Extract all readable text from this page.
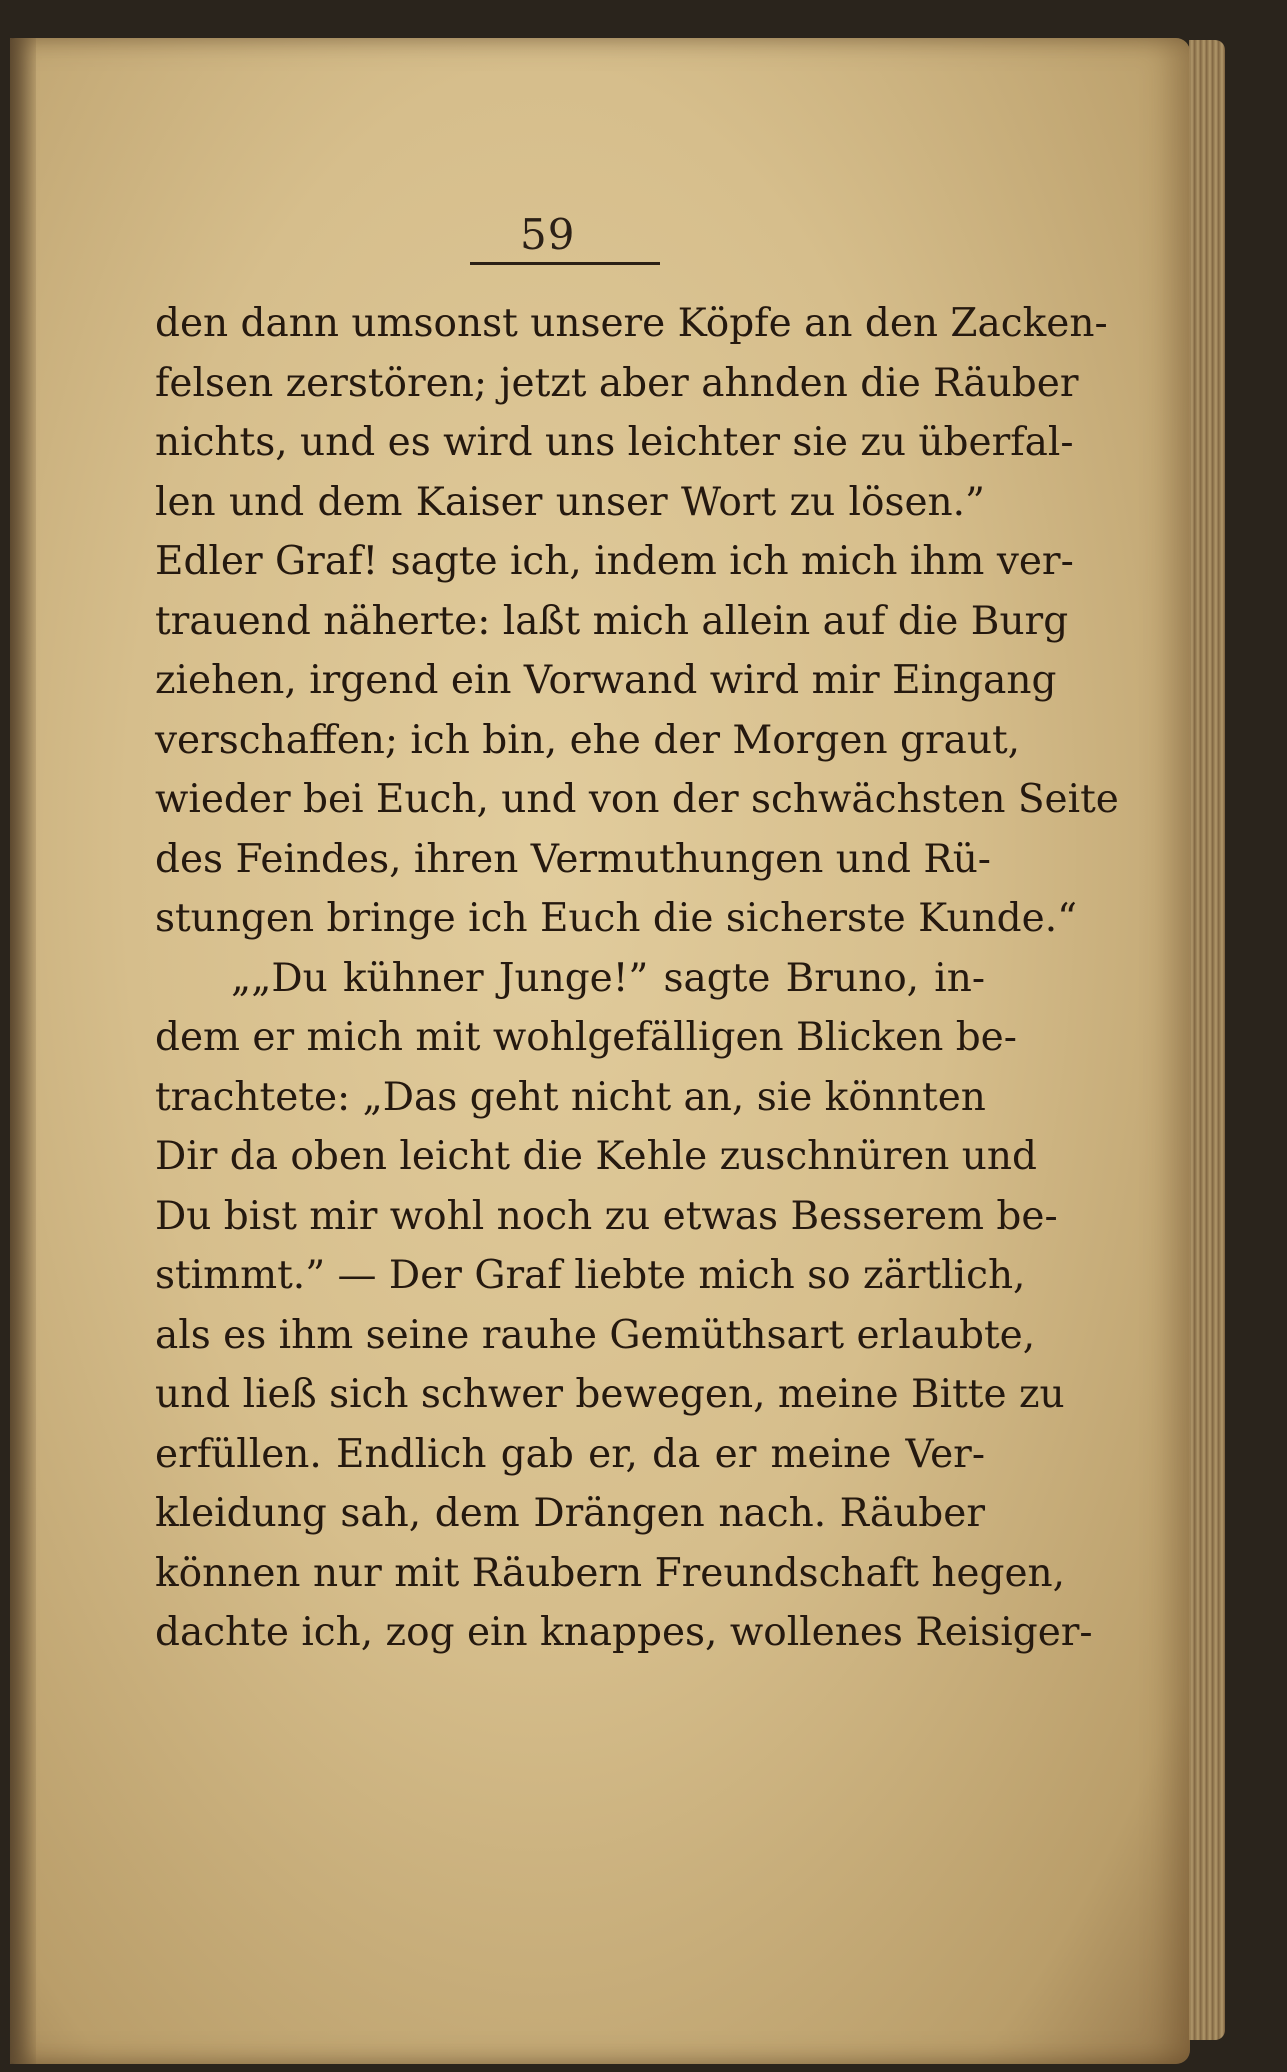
59
den dann umsonst unsere Köpfe an den Zacken-
felsen zerstören; jetzt aber ahnden die Räuber
nichts, und es wird uns leichter sie zu überfal-
len und dem Kaiser unser Wort zu lösen.”
Edler Graf! sagte ich, indem ich mich ihm ver-
trauend näherte: laßt mich allein auf die Burg
ziehen, irgend ein Vorwand wird mir Eingang
verschaffen; ich bin, ehe der Morgen graut,
wieder bei Euch, und von der schwächsten Seite
des Feindes, ihren Vermuthungen und Rü-
stungen bringe ich Euch die sicherste Kunde.“
„„Du kühner Junge!” sagte Bruno, in-
dem er mich mit wohlgefälligen Blicken be-
trachtete: „Das geht nicht an, sie könnten
Dir da oben leicht die Kehle zuschnüren und
Du bist mir wohl noch zu etwas Besserem be-
stimmt.” — Der Graf liebte mich so zärtlich,
als es ihm seine rauhe Gemüthsart erlaubte,
und ließ sich schwer bewegen, meine Bitte zu
erfüllen. Endlich gab er, da er meine Ver-
kleidung sah, dem Drängen nach. Räuber
können nur mit Räubern Freundschaft hegen,
dachte ich, zog ein knappes, wollenes Reisiger-
